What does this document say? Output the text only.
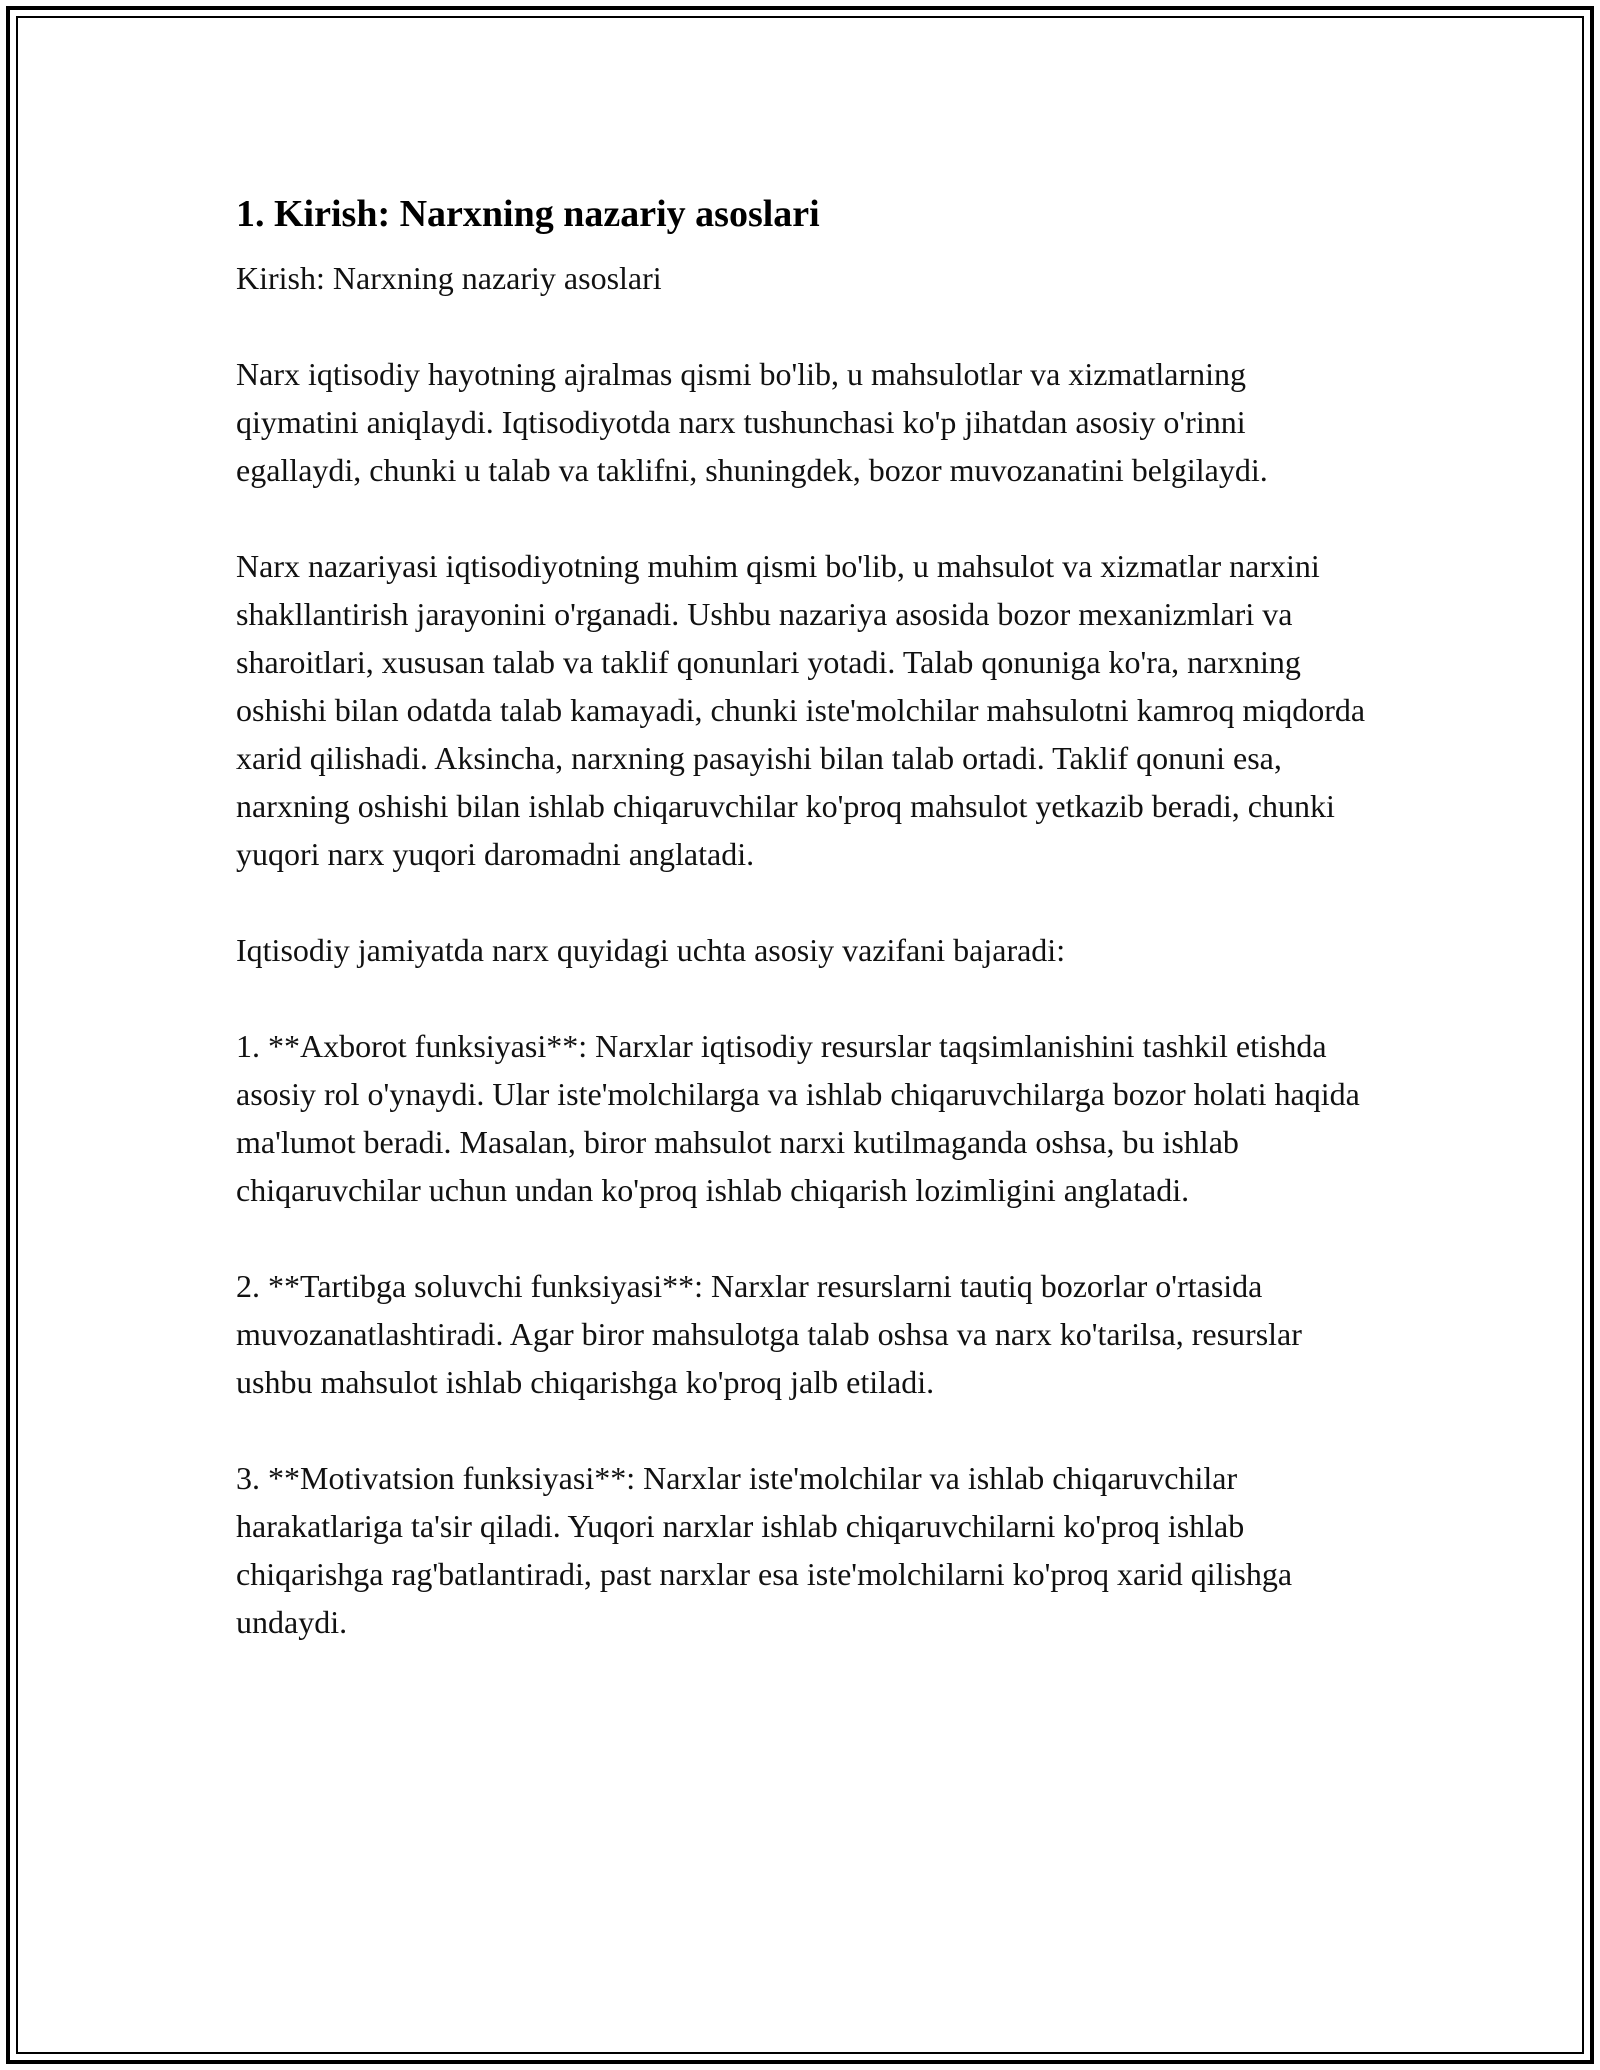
1. Kirish: Narxning nazariy asoslari

Kirish: Narxning nazariy asoslari

Narx iqtisodiy hayotning ajralmas qismi bo'lib, u mahsulotlar va xizmatlarning qiymatini aniqlaydi. Iqtisodiyotda narx tushunchasi ko'p jihatdan asosiy o'rinni egallaydi, chunki u talab va taklifni, shuningdek, bozor muvozanatini belgilaydi.

Narx nazariyasi iqtisodiyotning muhim qismi bo'lib, u mahsulot va xizmatlar narxini shakllantirish jarayonini o'rganadi. Ushbu nazariya asosida bozor mexanizmlari va sharoitlari, xususan talab va taklif qonunlari yotadi. Talab qonuniga ko'ra, narxning oshishi bilan odatda talab kamayadi, chunki iste'molchilar mahsulotni kamroq miqdorda xarid qilishadi. Aksincha, narxning pasayishi bilan talab ortadi. Taklif qonuni esa, narxning oshishi bilan ishlab chiqaruvchilar ko'proq mahsulot yetkazib beradi, chunki yuqori narx yuqori daromadni anglatadi.

Iqtisodiy jamiyatda narx quyidagi uchta asosiy vazifani bajaradi:

1. **Axborot funksiyasi**: Narxlar iqtisodiy resurslar taqsimlanishini tashkil etishda asosiy rol o'ynaydi. Ular iste'molchilarga va ishlab chiqaruvchilarga bozor holati haqida ma'lumot beradi. Masalan, biror mahsulot narxi kutilmaganda oshsa, bu ishlab chiqaruvchilar uchun undan ko'proq ishlab chiqarish lozimligini anglatadi.

2. **Tartibga soluvchi funksiyasi**: Narxlar resurslarni tautiq bozorlar o'rtasida muvozanatlashtiradi. Agar biror mahsulotga talab oshsa va narx ko'tarilsa, resurslar ushbu mahsulot ishlab chiqarishga ko'proq jalb etiladi.

3. **Motivatsion funksiyasi**: Narxlar iste'molchilar va ishlab chiqaruvchilar harakatlariga ta'sir qiladi. Yuqori narxlar ishlab chiqaruvchilarni ko'proq ishlab chiqarishga rag'batlantiradi, past narxlar esa iste'molchilarni ko'proq xarid qilishga undaydi.
